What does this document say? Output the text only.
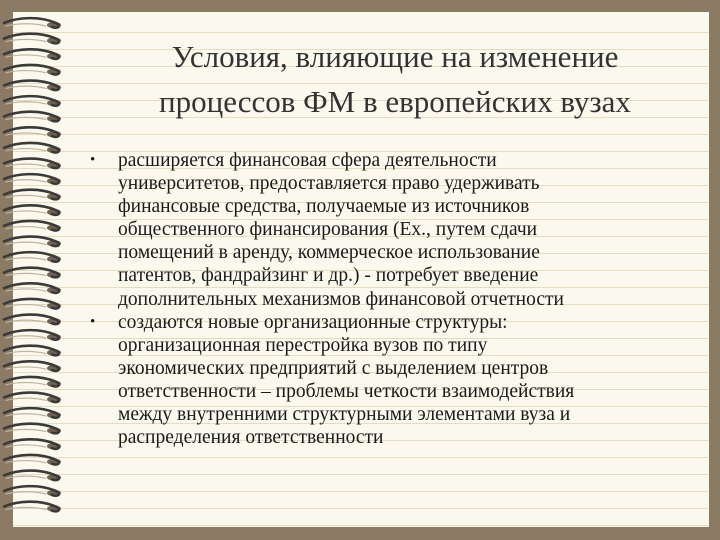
Условия, влияющие на изменение
процессов ФМ в европейских вузах
•	расширяется финансовая сфера деятельности
университетов, предоставляется право удерживать
финансовые средства, получаемые из источников
общественного финансирования (Ex., путем сдачи
помещений в аренду, коммерческое использование
патентов, фандрайзинг и др.) - потребует введение
дополнительных механизмов финансовой отчетности
•	создаются новые организационные структуры:
организационная перестройка вузов по типу
экономических предприятий с выделением центров
ответственности – проблемы четкости взаимодействия
между внутренними структурными элементами вуза и
распределения ответственности
